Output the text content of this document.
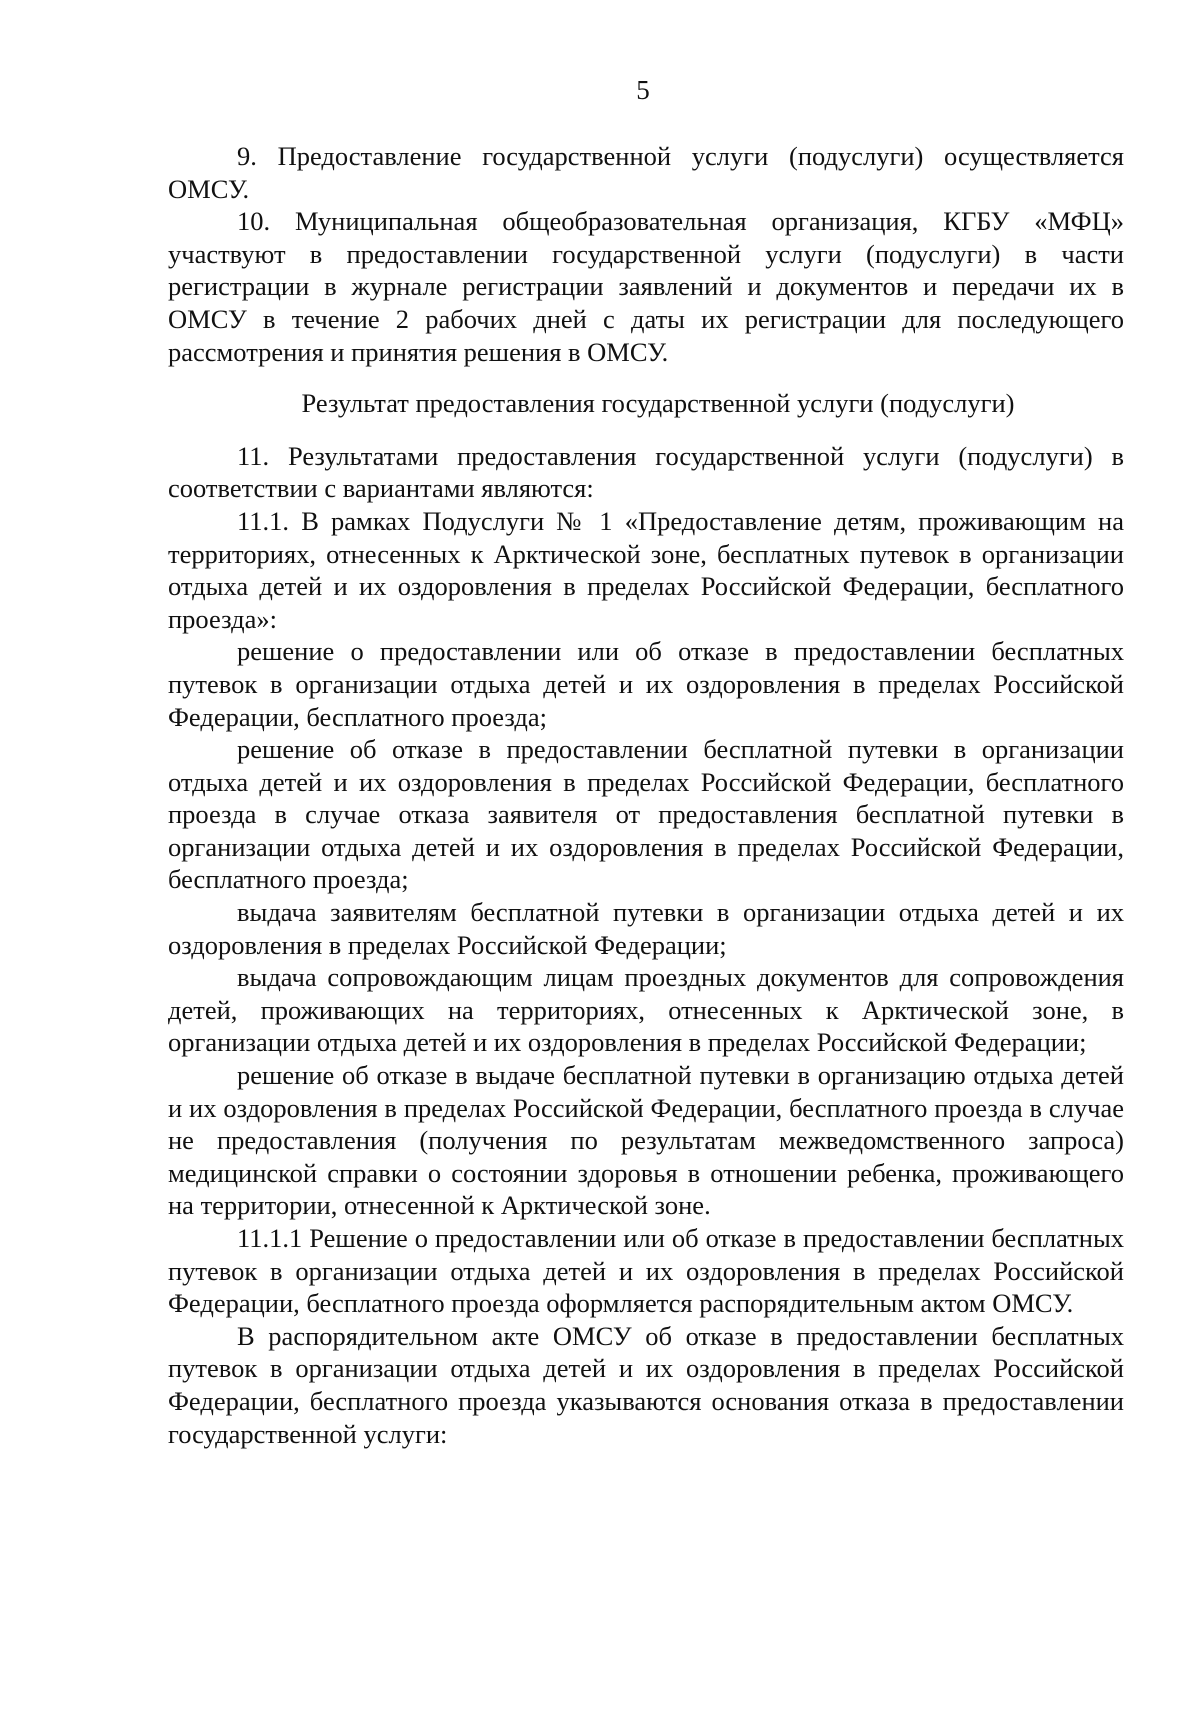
5

9. Предоставление государственной услуги (подуслуги) осуществляется ОМСУ.

10. Муниципальная общеобразовательная организация, КГБУ «МФЦ» участвуют в предоставлении государственной услуги (подуслуги) в части регистрации в журнале регистрации заявлений и документов и передачи их в ОМСУ в течение 2 рабочих дней с даты их регистрации для последующего рассмотрения и принятия решения в ОМСУ.

Результат предоставления государственной услуги (подуслуги)

11. Результатами предоставления государственной услуги (подуслуги) в соответствии с вариантами являются:

11.1. В рамках Подуслуги № 1 «Предоставление детям, проживающим на территориях, отнесенных к Арктической зоне, бесплатных путевок в организации отдыха детей и их оздоровления в пределах Российской Федерации, бесплатного проезда»:

решение о предоставлении или об отказе в предоставлении бесплатных путевок в организации отдыха детей и их оздоровления в пределах Российской Федерации, бесплатного проезда;

решение об отказе в предоставлении бесплатной путевки в организации отдыха детей и их оздоровления в пределах Российской Федерации, бесплатного проезда в случае отказа заявителя от предоставления бесплатной путевки в организации отдыха детей и их оздоровления в пределах Российской Федерации, бесплатного проезда;

выдача заявителям бесплатной путевки в организации отдыха детей и их оздоровления в пределах Российской Федерации;

выдача сопровождающим лицам проездных документов для сопровождения детей, проживающих на территориях, отнесенных к Арктической зоне, в организации отдыха детей и их оздоровления в пределах Российской Федерации;

решение об отказе в выдаче бесплатной путевки в организацию отдыха детей и их оздоровления в пределах Российской Федерации, бесплатного проезда в случае не предоставления (получения по результатам межведомственного запроса) медицинской справки о состоянии здоровья в отношении ребенка, проживающего на территории, отнесенной к Арктической зоне.

11.1.1 Решение о предоставлении или об отказе в предоставлении бесплатных путевок в организации отдыха детей и их оздоровления в пределах Российской Федерации, бесплатного проезда оформляется распорядительным актом ОМСУ.

В распорядительном акте ОМСУ об отказе в предоставлении бесплатных путевок в организации отдыха детей и их оздоровления в пределах Российской Федерации, бесплатного проезда указываются основания отказа в предоставлении государственной услуги:
